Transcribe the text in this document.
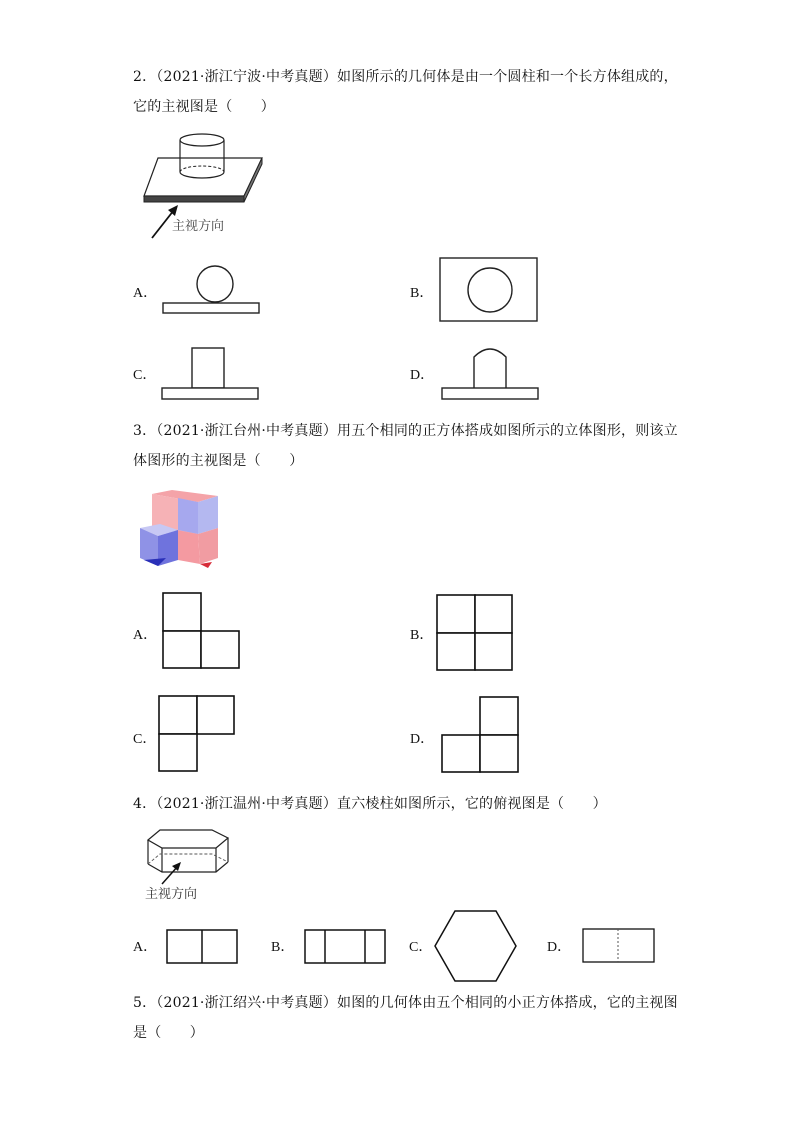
2．（2021·浙江宁波·中考真题）如图所示的几何体是由一个圆柱和一个长方体组成的，
它的主视图是（　　）
主视方向
A．	B．
C．	D．
3．（2021·浙江台州·中考真题）用五个相同的正方体搭成如图所示的立体图形，则该立
体图形的主视图是（　　）
A．	B．
C．	D．
4．（2021·浙江温州·中考真题）直六棱柱如图所示，它的俯视图是（　　）
主视方向
A．	B．	C．	D．
5．（2021·浙江绍兴·中考真题）如图的几何体由五个相同的小正方体搭成，它的主视图
是（　　）
